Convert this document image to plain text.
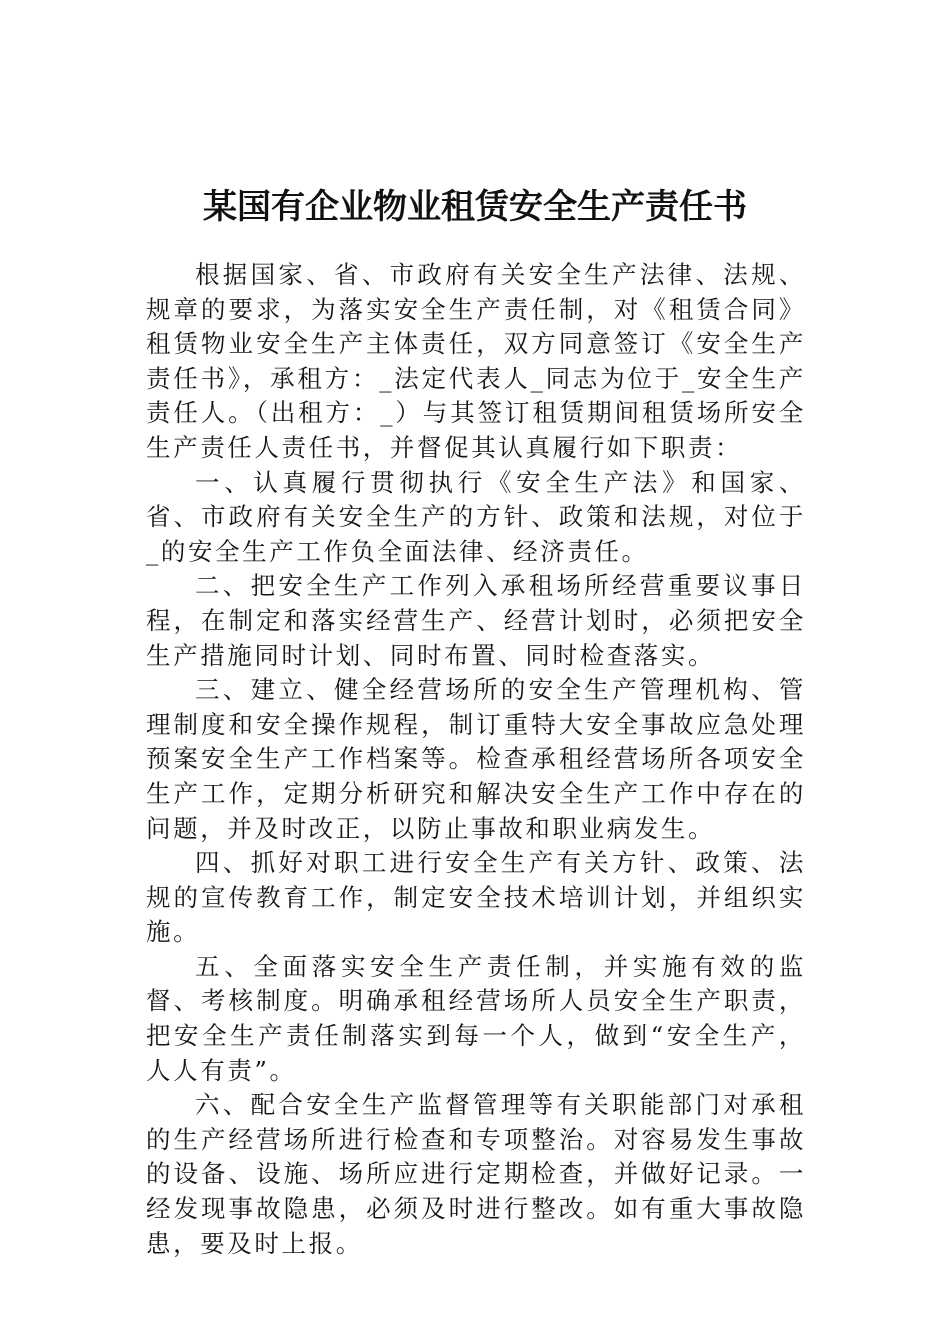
某国有企业物业租赁安全生产责任书

根据国家、省、市政府有关安全生产法律、法规、规章的要求，为落实安全生产责任制，对《租赁合同》租赁物业安全生产主体责任，双方同意签订《安全生产责任书》，承租方：_法定代表人_同志为位于_安全生产责任人。（出租方：_）与其签订租赁期间租赁场所安全生产责任人责任书，并督促其认真履行如下职责：

一、认真履行贯彻执行《安全生产法》和国家、省、市政府有关安全生产的方针、政策和法规，对位于_的安全生产工作负全面法律、经济责任。

二、把安全生产工作列入承租场所经营重要议事日程，在制定和落实经营生产、经营计划时，必须把安全生产措施同时计划、同时布置、同时检查落实。

三、建立、健全经营场所的安全生产管理机构、管理制度和安全操作规程，制订重特大安全事故应急处理预案安全生产工作档案等。检查承租经营场所各项安全生产工作，定期分析研究和解决安全生产工作中存在的问题，并及时改正，以防止事故和职业病发生。

四、抓好对职工进行安全生产有关方针、政策、法规的宣传教育工作，制定安全技术培训计划，并组织实施。

五、全面落实安全生产责任制，并实施有效的监督、考核制度。明确承租经营场所人员安全生产职责，把安全生产责任制落实到每一个人，做到“安全生产，人人有责”。

六、配合安全生产监督管理等有关职能部门对承租的生产经营场所进行检查和专项整治。对容易发生事故的设备、设施、场所应进行定期检查，并做好记录。一经发现事故隐患，必须及时进行整改。如有重大事故隐患，要及时上报。
